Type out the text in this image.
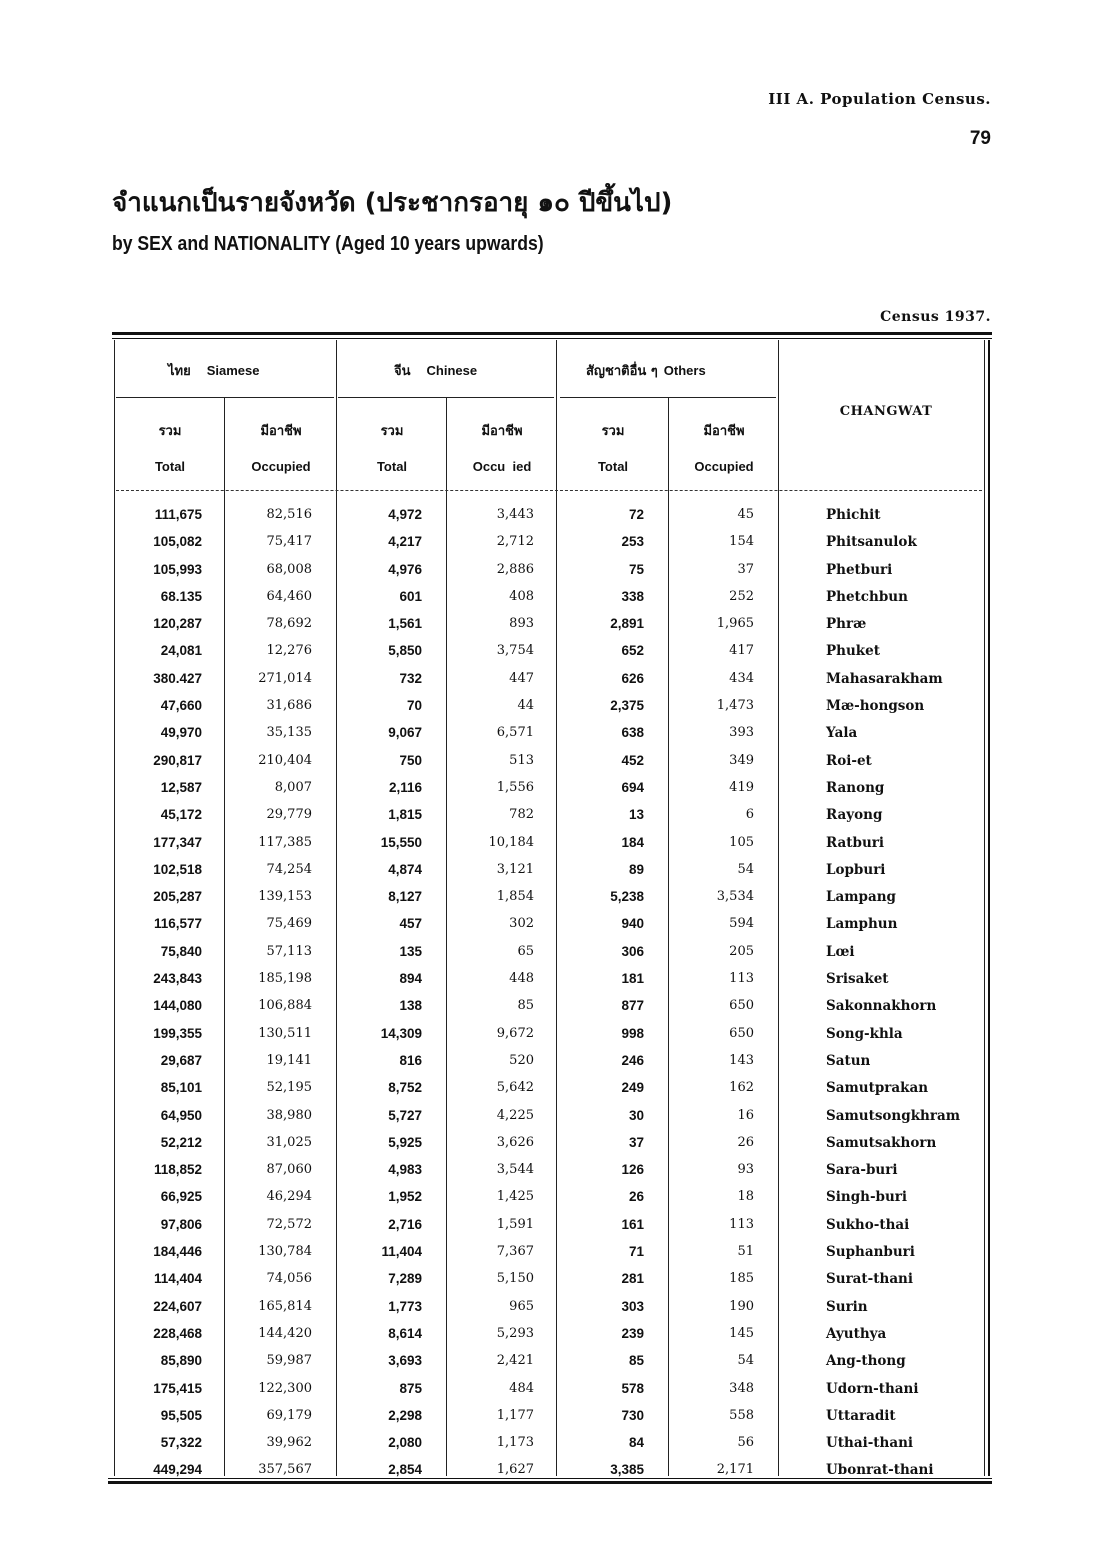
III A. Population Census.
79
จำแนกเป็นรายจังหวัด (ประชากรอายุ ๑๐ ปีขึ้นไป)
by SEX and NATIONALITY (Aged 10 years upwards)
Census 1937.
ไทย Siamese	จีน Chinese	สัญชาติอื่น ๆ Others
รวม	มีอาชีพ	รวม	มีอาชีพ	รวม	มีอาชีพ
Total	Occupied	Total	Occu  ied	Total	Occupied
CHANGWAT
111,675	82,516	4,972	3,443	72	45	Phichit
105,082	75,417	4,217	2,712	253	154	Phitsanulok
105,993	68,008	4,976	2,886	75	37	Phetburi
68.135	64,460	601	408	338	252	Phetchbun
120,287	78,692	1,561	893	2,891	1,965	Phræ
24,081	12,276	5,850	3,754	652	417	Phuket
380.427	271,014	732	447	626	434	Mahasarakham
47,660	31,686	70	44	2,375	1,473	Mæ-hongson
49,970	35,135	9,067	6,571	638	393	Yala
290,817	210,404	750	513	452	349	Roi-et
12,587	8,007	2,116	1,556	694	419	Ranong
45,172	29,779	1,815	782	13	6	Rayong
177,347	117,385	15,550	10,184	184	105	Ratburi
102,518	74,254	4,874	3,121	89	54	Lopburi
205,287	139,153	8,127	1,854	5,238	3,534	Lampang
116,577	75,469	457	302	940	594	Lamphun
75,840	57,113	135	65	306	205	Lœi
243,843	185,198	894	448	181	113	Srisaket
144,080	106,884	138	85	877	650	Sakonnakhorn
199,355	130,511	14,309	9,672	998	650	Song-khla
29,687	19,141	816	520	246	143	Satun
85,101	52,195	8,752	5,642	249	162	Samutprakan
64,950	38,980	5,727	4,225	30	16	Samutsongkhram
52,212	31,025	5,925	3,626	37	26	Samutsakhorn
118,852	87,060	4,983	3,544	126	93	Sara-buri
66,925	46,294	1,952	1,425	26	18	Singh-buri
97,806	72,572	2,716	1,591	161	113	Sukho-thai
184,446	130,784	11,404	7,367	71	51	Suphanburi
114,404	74,056	7,289	5,150	281	185	Surat-thani
224,607	165,814	1,773	965	303	190	Surin
228,468	144,420	8,614	5,293	239	145	Ayuthya
85,890	59,987	3,693	2,421	85	54	Ang-thong
175,415	122,300	875	484	578	348	Udorn-thani
95,505	69,179	2,298	1,177	730	558	Uttaradit
57,322	39,962	2,080	1,173	84	56	Uthai-thani
449,294	357,567	2,854	1,627	3,385	2,171	Ubonrat-thani
